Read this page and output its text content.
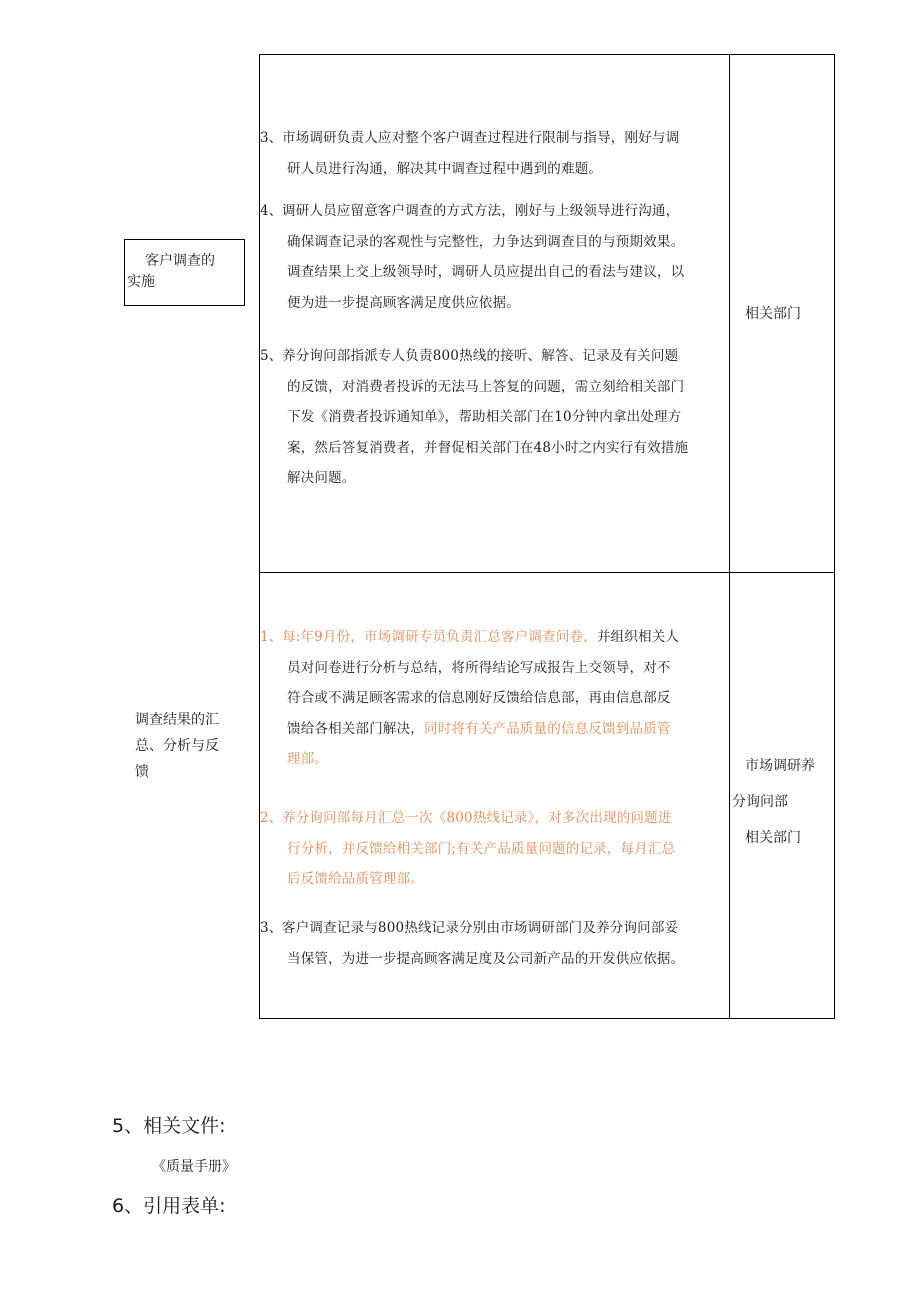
客户调查的
实施
3、市场调研负责人应对整个客户调查过程进行限制与指导，刚好与调
研人员进行沟通，解决其中调查过程中遇到的难题。
4、调研人员应留意客户调查的方式方法，刚好与上级领导进行沟通，
确保调查记录的客观性与完整性，力争达到调查目的与预期效果。
调查结果上交上级领导时，调研人员应提出自己的看法与建议，以
便为进一步提高顾客满足度供应依据。
5、养分询问部指派专人负责800热线的接听、解答、记录及有关问题
的反馈，对消费者投诉的无法马上答复的问题，需立刻给相关部门
下发《消费者投诉通知单》，帮助相关部门在10分钟内拿出处理方
案，然后答复消费者，并督促相关部门在48小时之内实行有效措施
解决问题。
相关部门
调查结果的汇
总、分析与反
馈
1、每:年9月份，市场调研专员负责汇总客户调查问卷，并组织相关人
员对问卷进行分析与总结，将所得结论写成报告上交领导，对不
符合或不满足顾客需求的信息刚好反馈给信息部，再由信息部反
馈给各相关部门解决，同时将有关产品质量的信息反馈到品质管
理部。
2、养分询问部每月汇总一次《800热线记录》，对多次出现的问题进
行分析，并反馈给相关部门;有关产品质量问题的记录，每月汇总
后反馈给品质管理部。
3、客户调查记录与800热线记录分别由市场调研部门及养分询问部妥
当保管，为进一步提高顾客满足度及公司新产品的开发供应依据。
市场调研养
分询问部
相关部门
5、相关文件:
《质量手册》
6、引用表单:
